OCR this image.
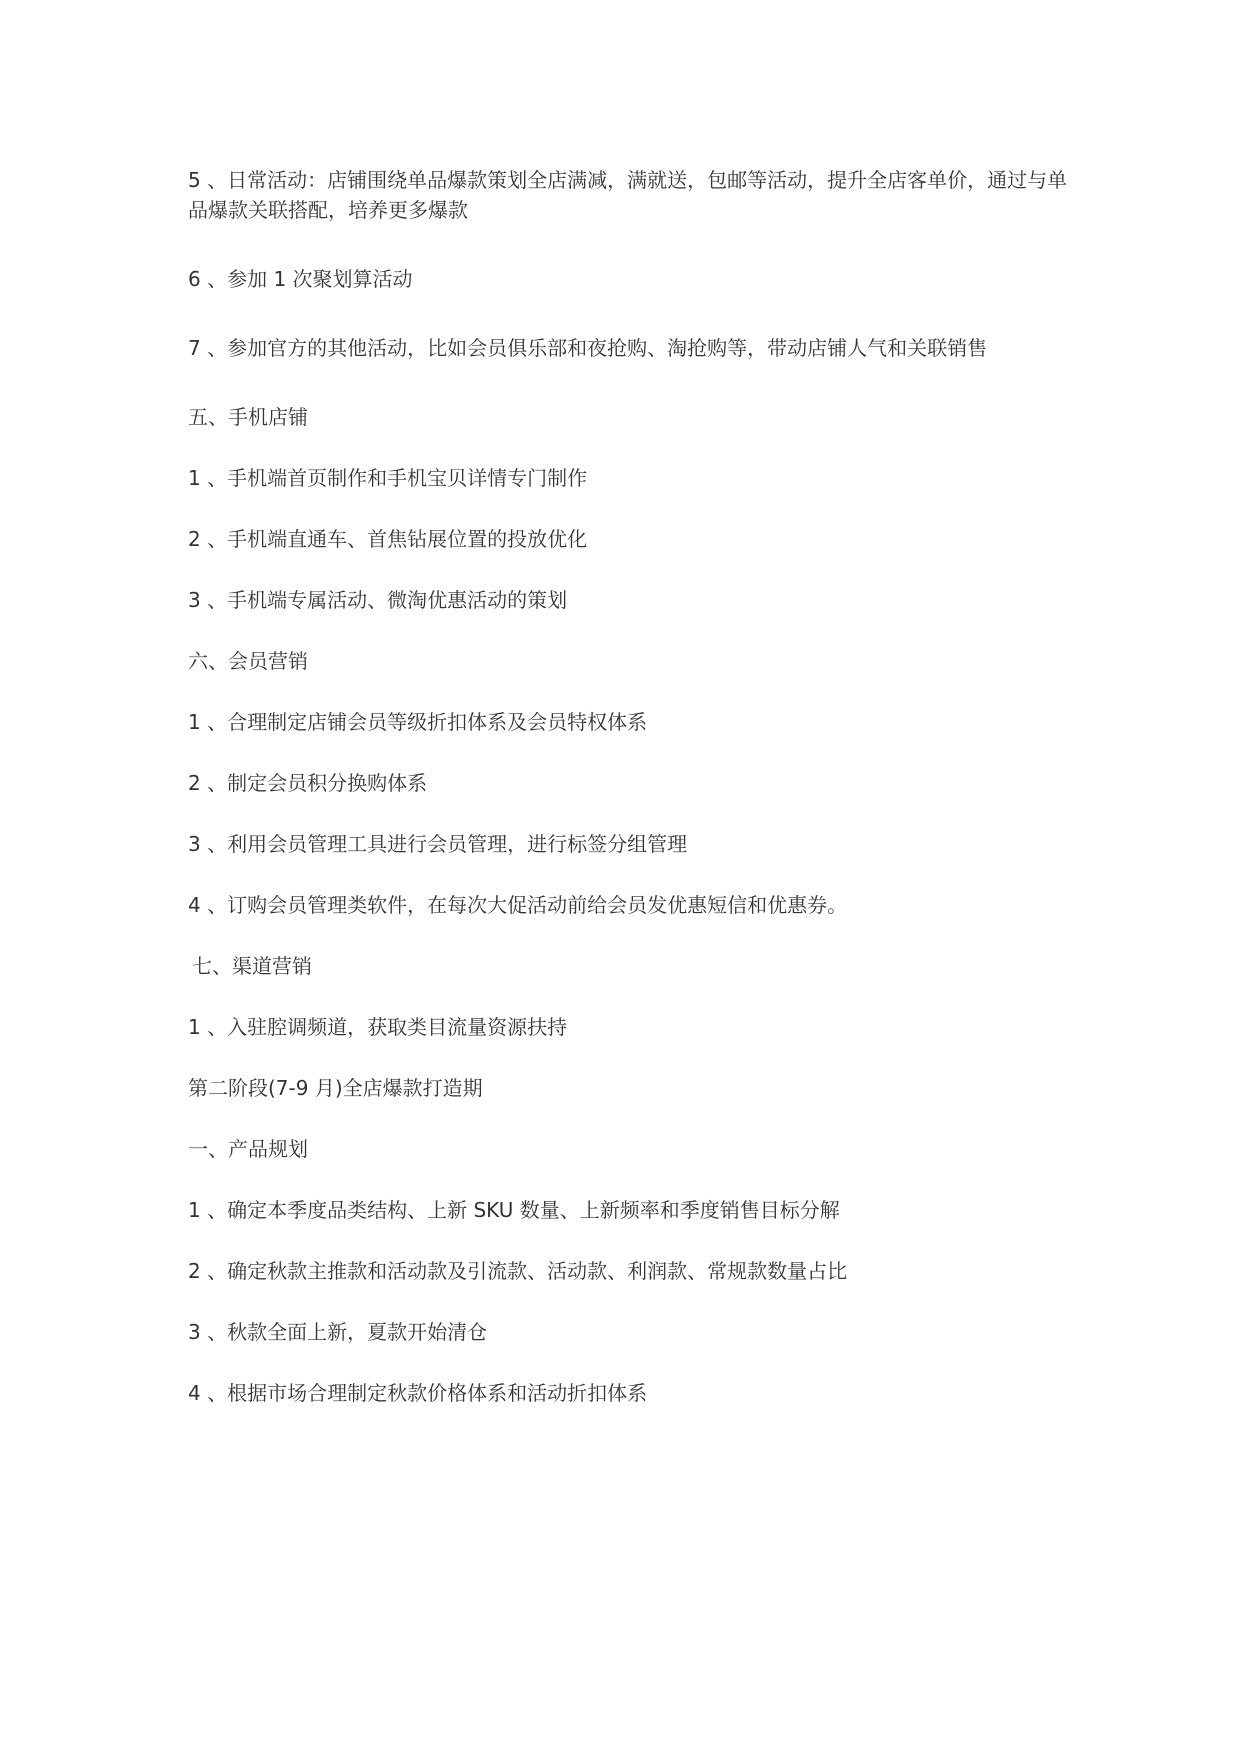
5 、日常活动：店铺围绕单品爆款策划全店满减，满就送，包邮等活动，提升全店客单价，通过与单品爆款关联搭配，培养更多爆款

6 、参加 1 次聚划算活动

7 、参加官方的其他活动，比如会员俱乐部和夜抢购、淘抢购等，带动店铺人气和关联销售

五、手机店铺

1 、手机端首页制作和手机宝贝详情专门制作

2 、手机端直通车、首焦钻展位置的投放优化

3 、手机端专属活动、微淘优惠活动的策划

六、会员营销

1 、合理制定店铺会员等级折扣体系及会员特权体系

2 、制定会员积分换购体系

3 、利用会员管理工具进行会员管理，进行标签分组管理

4 、订购会员管理类软件，在每次大促活动前给会员发优惠短信和优惠券。

七、渠道营销

1 、入驻腔调频道，获取类目流量资源扶持

第二阶段(7-9 月)全店爆款打造期

一、产品规划

1 、确定本季度品类结构、上新 SKU 数量、上新频率和季度销售目标分解

2 、确定秋款主推款和活动款及引流款、活动款、利润款、常规款数量占比

3 、秋款全面上新，夏款开始清仓

4 、根据市场合理制定秋款价格体系和活动折扣体系
